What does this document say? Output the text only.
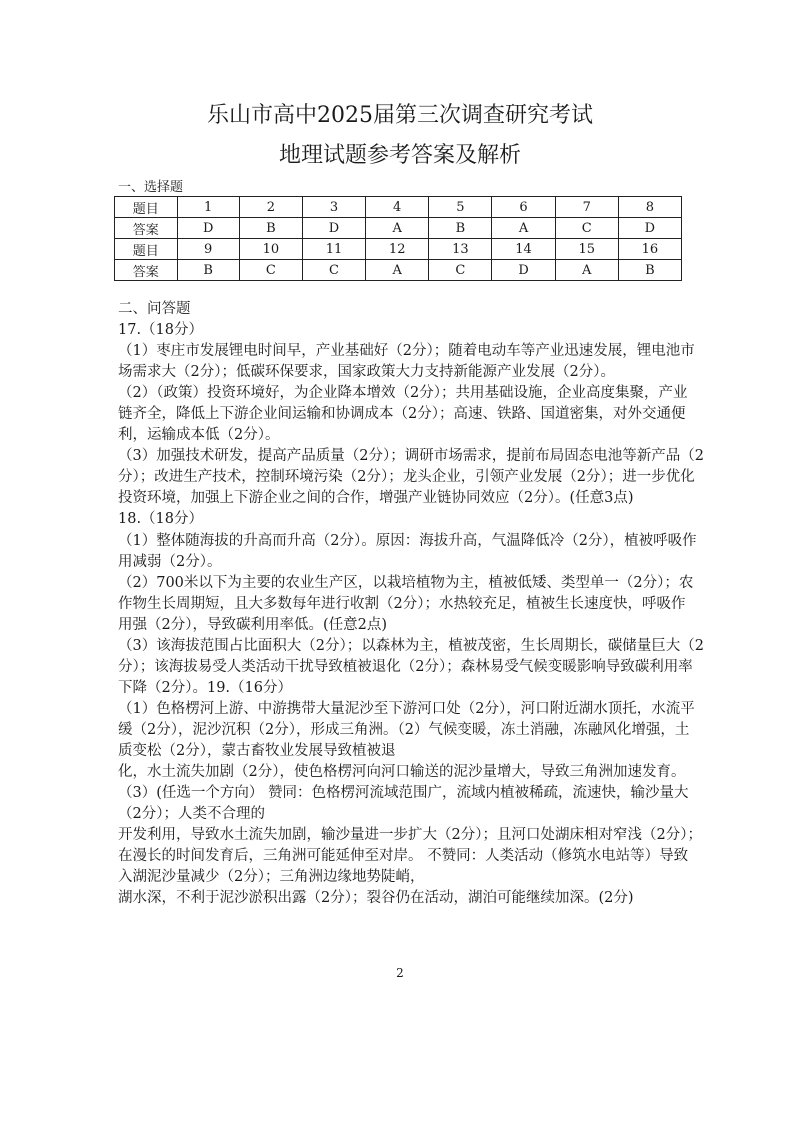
乐山市高中2025届第三次调查研究考试
地理试题参考答案及解析
一、选择题
题目	1	2	3	4	5	6	7	8
答案	D	B	D	A	B	A	C	D
题目	9	10	11	12	13	14	15	16
答案	B	C	C	A	C	D	A	B
二、问答题
17.（18分）
（1）枣庄市发展锂电时间早，产业基础好（2分）；随着电动车等产业迅速发展，锂电池市
场需求大（2分）；低碳环保要求，国家政策大力支持新能源产业发展（2分）。
（2）（政策）投资环境好，为企业降本增效（2分）；共用基础设施，企业高度集聚，产业
链齐全，降低上下游企业间运输和协调成本（2分）；高速、铁路、国道密集，对外交通便
利，运输成本低（2分）。
（3）加强技术研发，提高产品质量（2分）；调研市场需求，提前布局固态电池等新产品（2
分）；改进生产技术，控制环境污染（2分）；龙头企业，引领产业发展（2分）；进一步优化
投资环境，加强上下游企业之间的合作，增强产业链协同效应（2分）。(任意3点)
18.（18分）
（1）整体随海拔的升高而升高（2分）。原因：海拔升高，气温降低冷（2分），植被呼吸作
用减弱（2分）。
（2）700米以下为主要的农业生产区，以栽培植物为主，植被低矮、类型单一（2分）；农
作物生长周期短，且大多数每年进行收割（2分）；水热较充足，植被生长速度快，呼吸作
用强（2分），导致碳利用率低。(任意2点)
（3）该海拔范围占比面积大（2分）；以森林为主，植被茂密，生长周期长，碳储量巨大（2
分）；该海拔易受人类活动干扰导致植被退化（2分）；森林易受气候变暖影响导致碳利用率
下降（2分）。19.（16分）
（1）色格楞河上游、中游携带大量泥沙至下游河口处（2分），河口附近湖水顶托，水流平
缓（2分），泥沙沉积（2分），形成三角洲。（2）气候变暖，冻土消融，冻融风化增强，土
质变松（2分），蒙古畜牧业发展导致植被退
化，水土流失加剧（2分），使色格楞河向河口输送的泥沙量增大，导致三角洲加速发育。
（3）(任选一个方向） 赞同：色格楞河流域范围广，流域内植被稀疏，流速快，输沙量大
（2分）；人类不合理的
开发利用，导致水土流失加剧，输沙量进一步扩大（2分）；且河口处湖床相对窄浅（2分）；
在漫长的时间发育后，三角洲可能延伸至对岸。 不赞同：人类活动（修筑水电站等）导致
入湖泥沙量减少（2分）；三角洲边缘地势陡峭，
湖水深，不利于泥沙淤积出露（2分）；裂谷仍在活动，湖泊可能继续加深。(2分)
2
